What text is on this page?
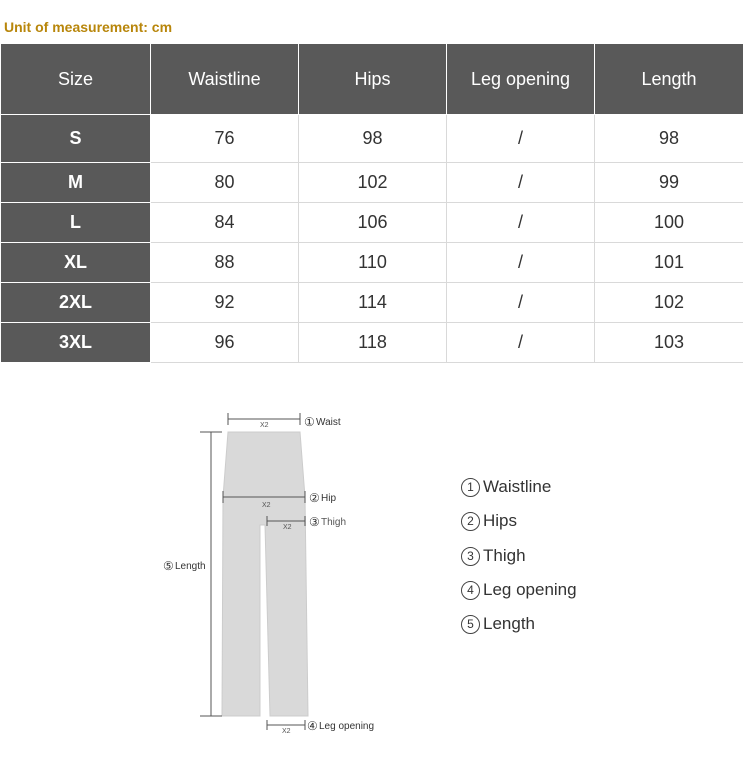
Unit of measurement: cm
Size	Waistline	Hips	Leg opening	Length
S	76	98	/	98
M	80	102	/	99
L	84	106	/	100
XL	88	110	/	101
2XL	92	114	/	102
3XL	96	118	/	103
X2	① Waist
X2
② Hip
X2 ③ Thigh
⑤ Length
X2 ④ Leg opening
1 Waistline
2 Hips
3 Thigh
4 Leg opening
5 Length
